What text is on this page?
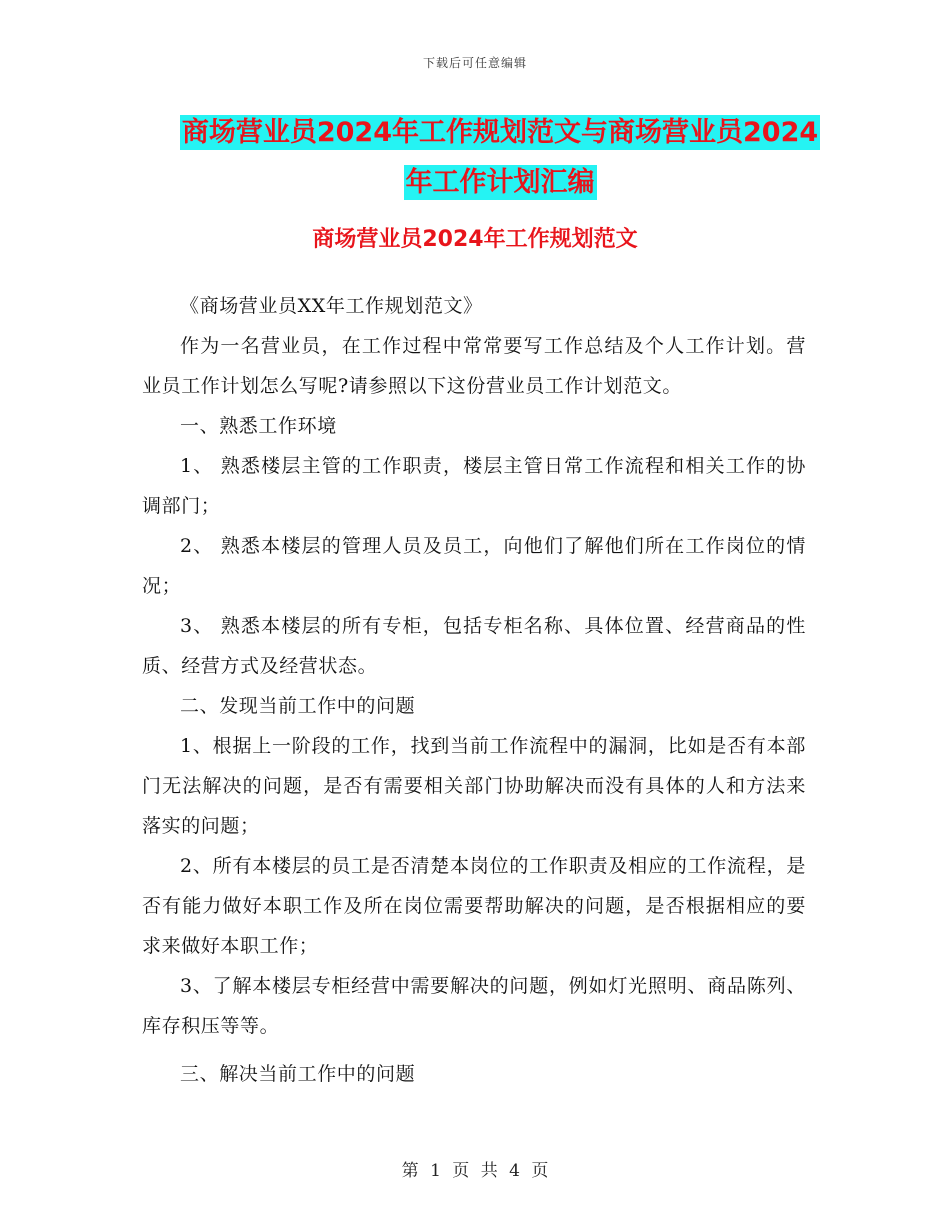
下载后可任意编辑
商场营业员2024年工作规划范文与商场营业员2024
年工作计划汇编
商场营业员2024年工作规划范文

《商场营业员XX年工作规划范文》

作为一名营业员，在工作过程中常常要写工作总结及个人工作计划。营业员工作计划怎么写呢?请参照以下这份营业员工作计划范文。

一、熟悉工作环境

1、 熟悉楼层主管的工作职责，楼层主管日常工作流程和相关工作的协调部门；

2、 熟悉本楼层的管理人员及员工，向他们了解他们所在工作岗位的情况；

3、 熟悉本楼层的所有专柜，包括专柜名称、具体位置、经营商品的性质、经营方式及经营状态。

二、发现当前工作中的问题

1、根据上一阶段的工作，找到当前工作流程中的漏洞，比如是否有本部门无法解决的问题，是否有需要相关部门协助解决而没有具体的人和方法来落实的问题；

2、所有本楼层的员工是否清楚本岗位的工作职责及相应的工作流程，是否有能力做好本职工作及所在岗位需要帮助解决的问题，是否根据相应的要求来做好本职工作；

3、了解本楼层专柜经营中需要解决的问题，例如灯光照明、商品陈列、库存积压等等。

三、解决当前工作中的问题

第 1 页 共 4 页
